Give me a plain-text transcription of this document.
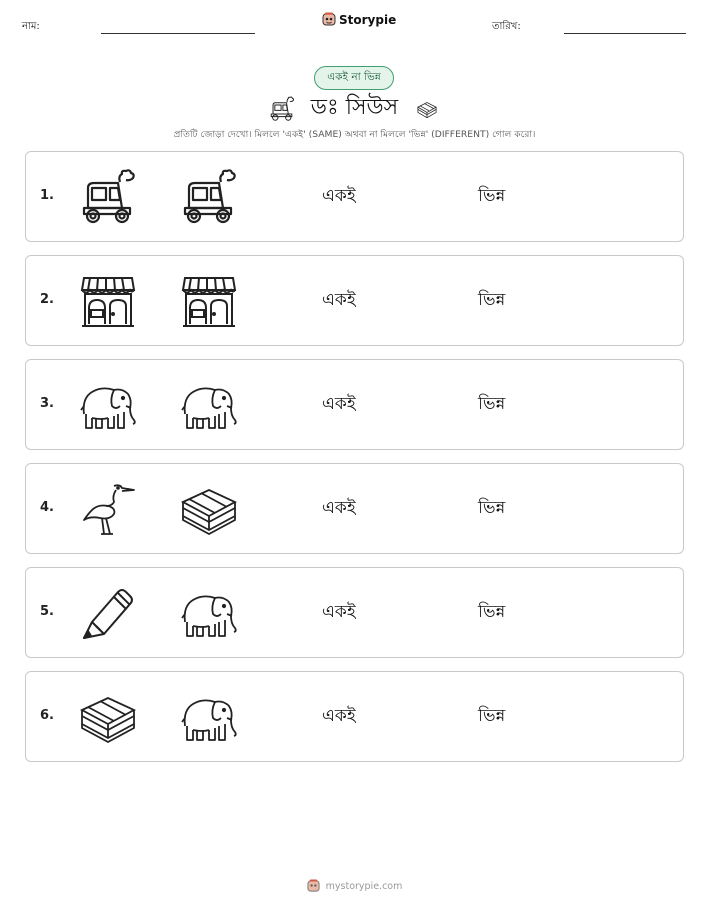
নাম:	Storypie	তারিখ:
একই না ভিন্ন
ডঃ সিউস
প্রতিটি জোড়া দেখো। মিললে 'একই' (SAME) অথবা না মিললে 'ভিন্ন' (DIFFERENT) গোল করো।
1.	একই	ভিন্ন
2.	একই	ভিন্ন
3.	একই	ভিন্ন
4.	একই	ভিন্ন
5.	একই	ভিন্ন
6.	একই	ভিন্ন
mystorypie.com
